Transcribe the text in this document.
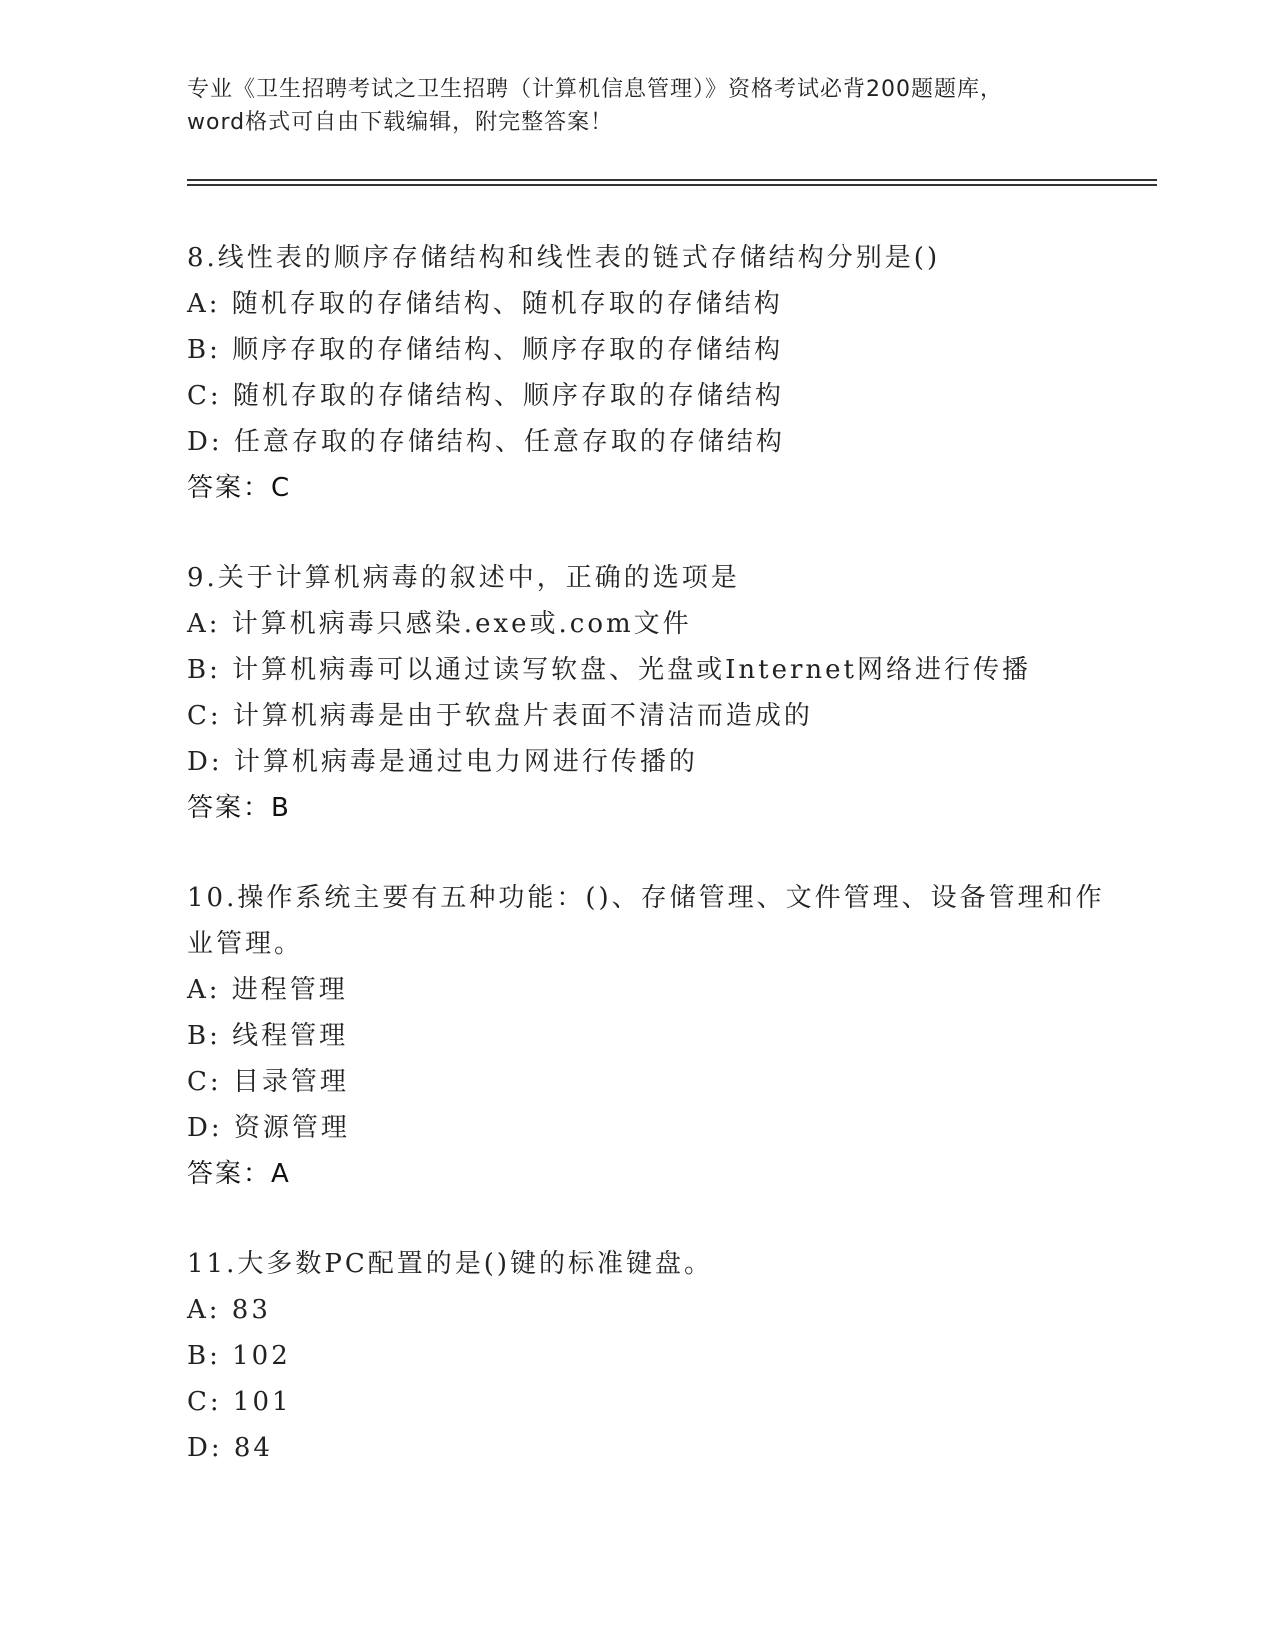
专业《卫生招聘考试之卫生招聘（计算机信息管理）》资格考试必背200题题库，
word格式可自由下载编辑，附完整答案！
8.线性表的顺序存储结构和线性表的链式存储结构分别是()
A: 随机存取的存储结构、随机存取的存储结构
B: 顺序存取的存储结构、顺序存取的存储结构
C: 随机存取的存储结构、顺序存取的存储结构
D: 任意存取的存储结构、任意存取的存储结构
答案：C
9.关于计算机病毒的叙述中，正确的选项是
A: 计算机病毒只感染.exe或.com文件
B: 计算机病毒可以通过读写软盘、光盘或Internet网络进行传播
C: 计算机病毒是由于软盘片表面不清洁而造成的
D: 计算机病毒是通过电力网进行传播的
答案：B
10.操作系统主要有五种功能：()、存储管理、文件管理、设备管理和作业管理。
A: 进程管理
B: 线程管理
C: 目录管理
D: 资源管理
答案：A
11.大多数PC配置的是()键的标准键盘。
A: 83
B: 102
C: 101
D: 84
